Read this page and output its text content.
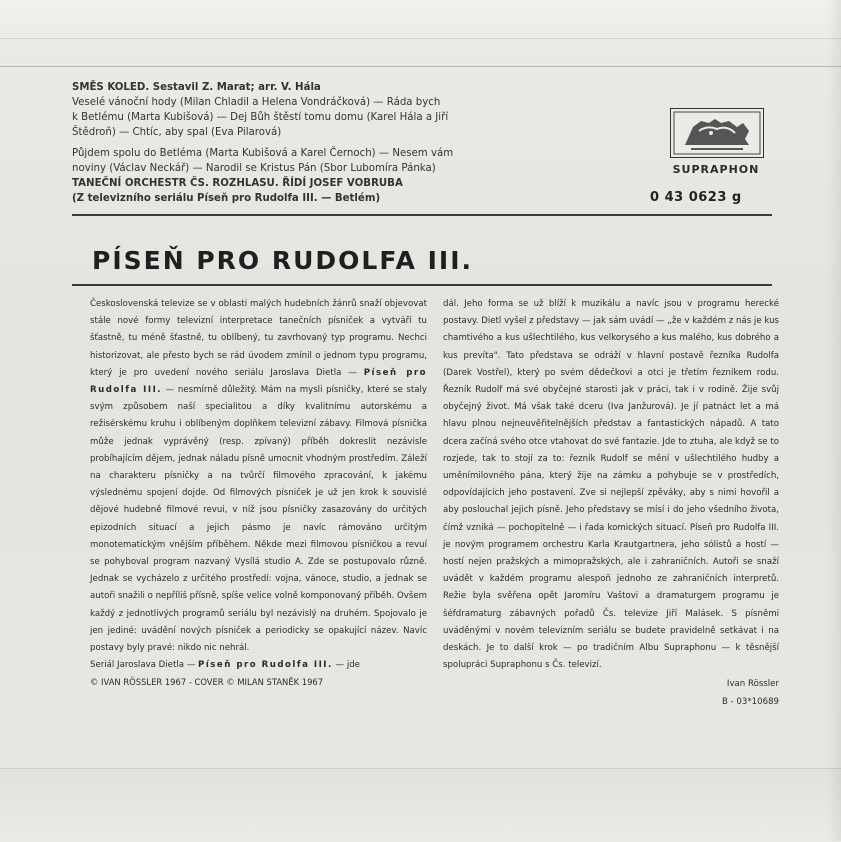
SMĚS KOLED. Sestavil Z. Marat; arr. V. Hála

Veselé vánoční hody (Milan Chladil a Helena Vondráčková) — Ráda bych

k Betlému (Marta Kubišová) — Dej Bůh štěstí tomu domu (Karel Hála a Jiří

Štědroň) — Chtíc, aby spal (Eva Pilarová)

Půjdem spolu do Betléma (Marta Kubišová a Karel Černoch) — Nesem vám

noviny (Václav Neckář) — Narodil se Kristus Pán (Sbor Lubomíra Pánka)

TANEČNÍ ORCHESTR ČS. ROZHLASU. ŘÍDÍ JOSEF VOBRUBA

(Z televizního seriálu Píseň pro Rudolfa III. — Betlém)

SUPRAPHON
0 43 0623 g
PÍSEŇ PRO RUDOLFA III.

Československá televize se v oblasti malých hudebních žánrů snaží objevovat stále nové formy televizní interpretace tanečních písniček a vytváří tu šťastně, tu méně šťastně, tu oblíbený, tu zavrhovaný typ programu. Nechci historizovat, ale přesto bych se rád úvodem zmínil o jednom typu programu, který je pro uvedení nového seriálu Jaroslava Dietla — Píseň pro Rudolfa III. — nesmírně důležitý. Mám na mysli písničky, které se staly svým způsobem naší specialitou a díky kvalitnímu autorskému a režisérskému kruhu i oblíbeným doplňkem televizní zábavy. Filmová písnička může jednak vyprávěný (resp. zpívaný) příběh dokreslit nezávisle probíhajícím dějem, jednak náladu písně umocnit vhodným prostředím. Záleží na charakteru písničky a na tvůrčí filmového zpracování, k jakému výslednému spojení dojde. Od filmových písniček je už jen krok k souvislé dějové hudebně filmové revui, v níž jsou písničky zasazovány do určitých epizodních situací a jejich pásmo je navíc rámováno určitým monotematickým vnějším příběhem. Někde mezi filmovou písničkou a revuí se pohyboval program nazvaný Vysílá studio A. Zde se postupovalo různě. Jednak se vycházelo z určitého prostředí: vojna, vánoce, studio, a jednak se autoři snažili o nepříliš přísně, spíše velice volně komponovaný příběh. Ovšem každý z jednotlivých programů seriálu byl nezávislý na druhém. Spojovalo je jen jediné: uvádění nových písniček a periodicky se opakující název. Navíc postavy byly pravé: nikdo nic nehrál.

Seriál Jaroslava Dietla — Píseň pro Rudolfa III. — jde

© IVAN RÖSSLER 1967 - COVER © MILAN STANĚK 1967

dál. Jeho forma se už blíží k muzikálu a navíc jsou v programu herecké postavy. Dietl vyšel z představy — jak sám uvádí — „že v každém z nás je kus chamtivého a kus ušlechtilého, kus velkorysého a kus malého, kus dobrého a kus prevíta". Tato představa se odráží v hlavní postavě řezníka Rudolfa (Darek Vostřel), který po svém dědečkovi a otci je třetím řezníkem rodu. Řezník Rudolf má své obyčejné starosti jak v práci, tak i v rodině. Žije svůj obyčejný život. Má však také dceru (Iva Janžurová). Je jí patnáct let a má hlavu plnou nejneuvěřitelnějších představ a fantastických nápadů. A tato dcera začíná svého otce vtahovat do své fantazie. Jde to ztuha, ale když se to rozjede, tak to stojí za to: řezník Rudolf se mění v ušlechtilého hudby a uměnímilovného pána, který žije na zámku a pohybuje se v prostředích, odpovídajících jeho postavení. Zve si nejlepší zpěváky, aby s nimi hovořil a aby poslouchal jejich písně. Jeho představy se mísí i do jeho všedního života, čímž vzniká — pochopitelně — i řada komických situací. Píseň pro Rudolfa III. je novým programem orchestru Karla Krautgartnera, jeho sólistů a hostí — hostí nejen pražských a mimopražských, ale i zahraničních. Autoři se snaží uvádět v každém programu alespoň jednoho ze zahraničních interpretů. Režie byla svěřena opět Jaromíru Vaštovi a dramaturgem programu je šéfdramaturg zábavných pořadů Čs. televize Jiří Malásek. S písněmi uváděnými v novém televizním seriálu se budete pravidelně setkávat i na deskách. Je to další krok — po tradičním Albu Supraphonu — k těsnější spolupráci Supraphonu s Čs. televizí.

Ivan Rössler

B - 03*10689
